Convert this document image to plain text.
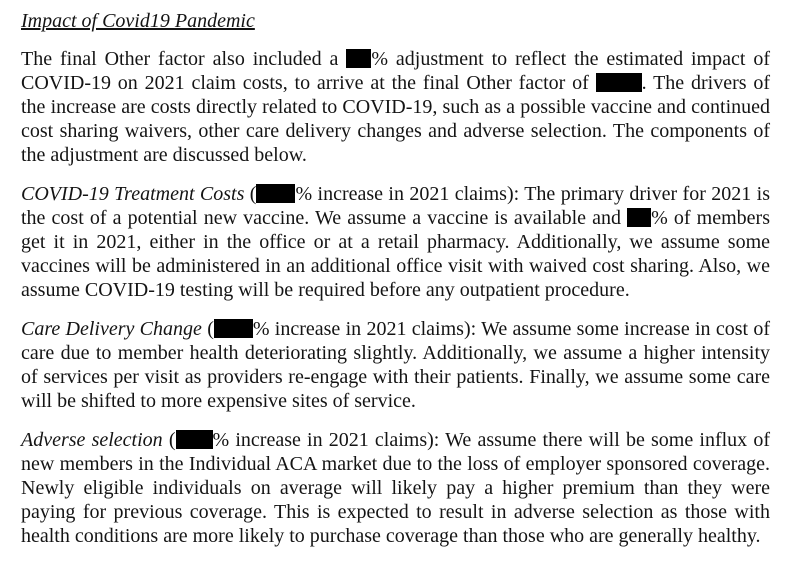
Impact of Covid19 Pandemic

The final Other factor also included a % adjustment to reflect the estimated impact of COVID-19 on 2021 claim costs, to arrive at the final Other factor of . The drivers of the increase are costs directly related to COVID-19, such as a possible vaccine and continued cost sharing waivers, other care delivery changes and adverse selection. The components of the adjustment are discussed below.

COVID-19 Treatment Costs ( % increase in 2021 claims): The primary driver for 2021 is the cost of a potential new vaccine. We assume a vaccine is available and % of members get it in 2021, either in the office or at a retail pharmacy. Additionally, we assume some vaccines will be administered in an additional office visit with waived cost sharing. Also, we assume COVID-19 testing will be required before any outpatient procedure.

Care Delivery Change ( % increase in 2021 claims): We assume some increase in cost of care due to member health deteriorating slightly. Additionally, we assume a higher intensity of services per visit as providers re-engage with their patients. Finally, we assume some care will be shifted to more expensive sites of service.

Adverse selection ( % increase in 2021 claims): We assume there will be some influx of new members in the Individual ACA market due to the loss of employer sponsored coverage. Newly eligible individuals on average will likely pay a higher premium than they were paying for previous coverage. This is expected to result in adverse selection as those with health conditions are more likely to purchase coverage than those who are generally healthy.
